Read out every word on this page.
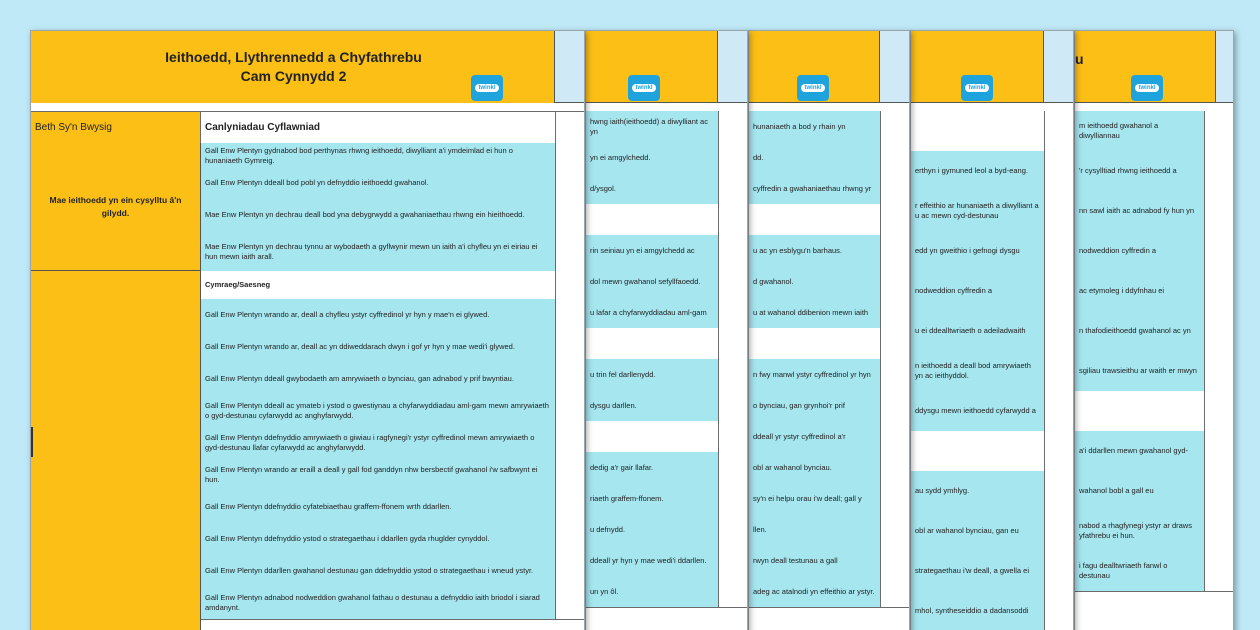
u
twinkl
m ieithoedd gwahanol a diwylliannau
'r cysylltiad rhwng ieithoedd a
nn sawl iaith ac adnabod fy hun yn
nodweddion cyffredin a
ac etymoleg i ddyfnhau ei
n thafodieithoedd gwahanol ac yn
sgiliau trawsieithu ar waith er mwyn
a'i ddarllen mewn gwahanol gyd-
wahanol bobl a gall eu
nabod a rhagfynegi ystyr ar draws yfathrebu ei hun.
i fagu dealltwriaeth fanwl o destunau
twinkl
erthyn i gymuned leol a byd-eang.
r effeithio ar hunaniaeth a diwylliant a u ac mewn cyd-destunau
edd yn gweithio i gefnogi dysgu
nodweddion cyffredin a
u ei ddealltwriaeth o adeiladwaith
n ieithoedd a deall bod amrywiaeth yn ac ieithyddol.
ddysgu mewn ieithoedd cyfarwydd a
au sydd ymhlyg.
obl ar wahanol bynciau, gan eu
strategaethau i'w deall, a gwella ei
mhol, syntheseiddio a dadansoddi
twinkl
hunaniaeth a bod y rhain yn
dd.
cyffredin a gwahaniaethau rhwng yr
u ac yn esblygu'n barhaus.
d gwahanol.
u at wahanol ddibenion mewn iaith
n fwy manwl ystyr cyffredinol yr hyn
o bynciau, gan grynhoi'r prif
ddeall yr ystyr cyffredinol a'r
obl ar wahanol bynciau.
sy'n ei helpu orau i'w deall; gall y
llen.
rwyn deall testunau a gall
adeg ac atalnodi yn effeithio ar ystyr.
twinkl
hwng iaith(ieithoedd) a diwylliant ac yn
yn ei amgylchedd.
d/ysgol.
rin seiniau yn ei amgylchedd ac
dol mewn gwahanol sefyllfaoedd.
u lafar a chyfarwyddiadau aml-gam
u trin fel darllenydd.
dysgu darllen.
dedig a'r gair llafar.
riaeth graffem-ffonem.
u defnydd.
ddeall yr hyn y mae wedi'i ddarllen.
un yn ôl.
Ieithoedd, Llythrennedd a Chyfathrebu
Cam Cynnydd 2
twinkl
Beth Sy'n Bwysig	Canlyniadau Cyflawniad
Mae ieithoedd yn ein cysylltu â'n gilydd.
Gall Enw Plentyn gydnabod bod perthynas rhwng ieithoedd, diwylliant a'i ymdeimlad ei hun o hunaniaeth Gymreig.
Gall Enw Plentyn ddeall bod pobl yn defnyddio ieithoedd gwahanol.
Mae Enw Plentyn yn dechrau deall bod yna debygrwydd a gwahaniaethau rhwng ein hieithoedd.
Mae Enw Plentyn yn dechrau tynnu ar wybodaeth a gyflwynir mewn un iaith a'i chyfleu yn ei eiriau ei hun mewn iaith arall.
Cymraeg/Saesneg
Gall Enw Plentyn wrando ar, deall a chyfleu ystyr cyffredinol yr hyn y mae'n ei glywed.
Gall Enw Plentyn wrando ar, deall ac yn ddiweddarach dwyn i gof yr hyn y mae wedi'i glywed.
Gall Enw Plentyn ddeall gwybodaeth am amrywiaeth o bynciau, gan adnabod y prif bwyntiau.
Gall Enw Plentyn ddeall ac ymateb i ystod o gwestiynau a chyfarwyddiadau aml-gam mewn amrywiaeth o gyd-destunau cyfarwydd ac anghyfarwydd.
Gall Enw Plentyn ddefnyddio amrywiaeth o giwiau i ragfynegi'r ystyr cyffredinol mewn amrywiaeth o gyd-destunau llafar cyfarwydd ac anghyfarwydd.
Gall Enw Plentyn wrando ar eraill a deall y gall fod ganddyn nhw bersbectif gwahanol i'w safbwynt ei hun.
Gall Enw Plentyn ddefnyddio cyfatebiaethau graffem-ffonem wrth ddarllen.
Gall Enw Plentyn ddefnyddio ystod o strategaethau i ddarllen gyda rhuglder cynyddol.
Gall Enw Plentyn ddarllen gwahanol destunau gan ddefnyddio ystod o strategaethau i wneud ystyr.
Gall Enw Plentyn adnabod nodweddion gwahanol fathau o destunau a defnyddio iaith briodol i siarad amdanynt.
